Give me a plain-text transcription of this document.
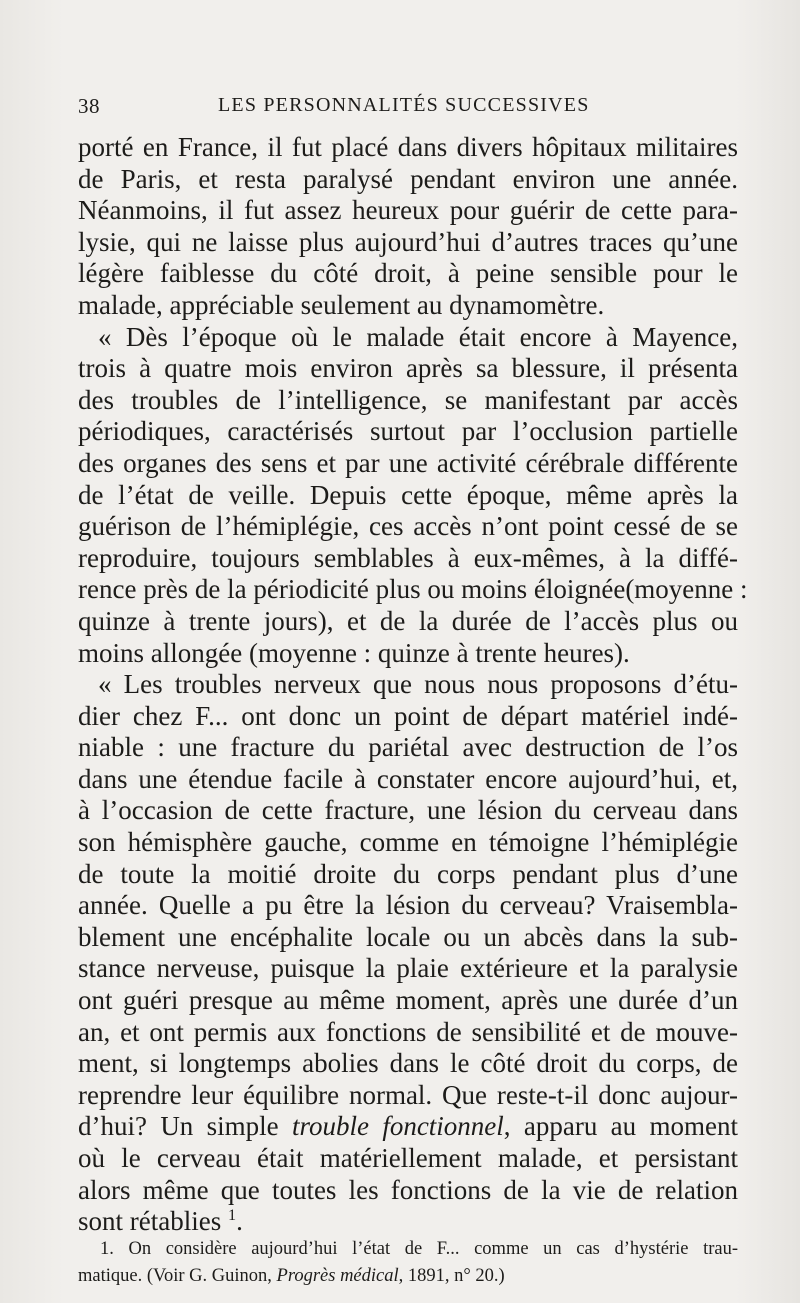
38	LES PERSONNALITÉS SUCCESSIVES
porté en France, il fut placé dans divers hôpitaux militaires
de Paris, et resta paralysé pendant environ une année.
Néanmoins, il fut assez heureux pour guérir de cette para-
lysie, qui ne laisse plus aujourd’hui d’autres traces qu’une
légère faiblesse du côté droit, à peine sensible pour le
malade, appréciable seulement au dynamomètre.
« Dès l’époque où le malade était encore à Mayence,
trois à quatre mois environ après sa blessure, il présenta
des troubles de l’intelligence, se manifestant par accès
périodiques, caractérisés surtout par l’occlusion partielle
des organes des sens et par une activité cérébrale différente
de l’état de veille. Depuis cette époque, même après la
guérison de l’hémiplégie, ces accès n’ont point cessé de se
reproduire, toujours semblables à eux-mêmes, à la diffé-
rence près de la périodicité plus ou moins éloignée(moyenne :
quinze à trente jours), et de la durée de l’accès plus ou
moins allongée (moyenne : quinze à trente heures).
« Les troubles nerveux que nous nous proposons d’étu-
dier chez F... ont donc un point de départ matériel indé-
niable : une fracture du pariétal avec destruction de l’os
dans une étendue facile à constater encore aujourd’hui, et,
à l’occasion de cette fracture, une lésion du cerveau dans
son hémisphère gauche, comme en témoigne l’hémiplégie
de toute la moitié droite du corps pendant plus d’une
année. Quelle a pu être la lésion du cerveau? Vraisembla-
blement une encéphalite locale ou un abcès dans la sub-
stance nerveuse, puisque la plaie extérieure et la paralysie
ont guéri presque au même moment, après une durée d’un
an, et ont permis aux fonctions de sensibilité et de mouve-
ment, si longtemps abolies dans le côté droit du corps, de
reprendre leur équilibre normal. Que reste-t-il donc aujour-
d’hui? Un simple trouble fonctionnel, apparu au moment
où le cerveau était matériellement malade, et persistant
alors même que toutes les fonctions de la vie de relation
sont rétablies $^1$.
1. On considère aujourd’hui l’état de F... comme un cas d’hystérie trau-
matique. (Voir G. Guinon, Progrès médical, 1891, n° 20.)
